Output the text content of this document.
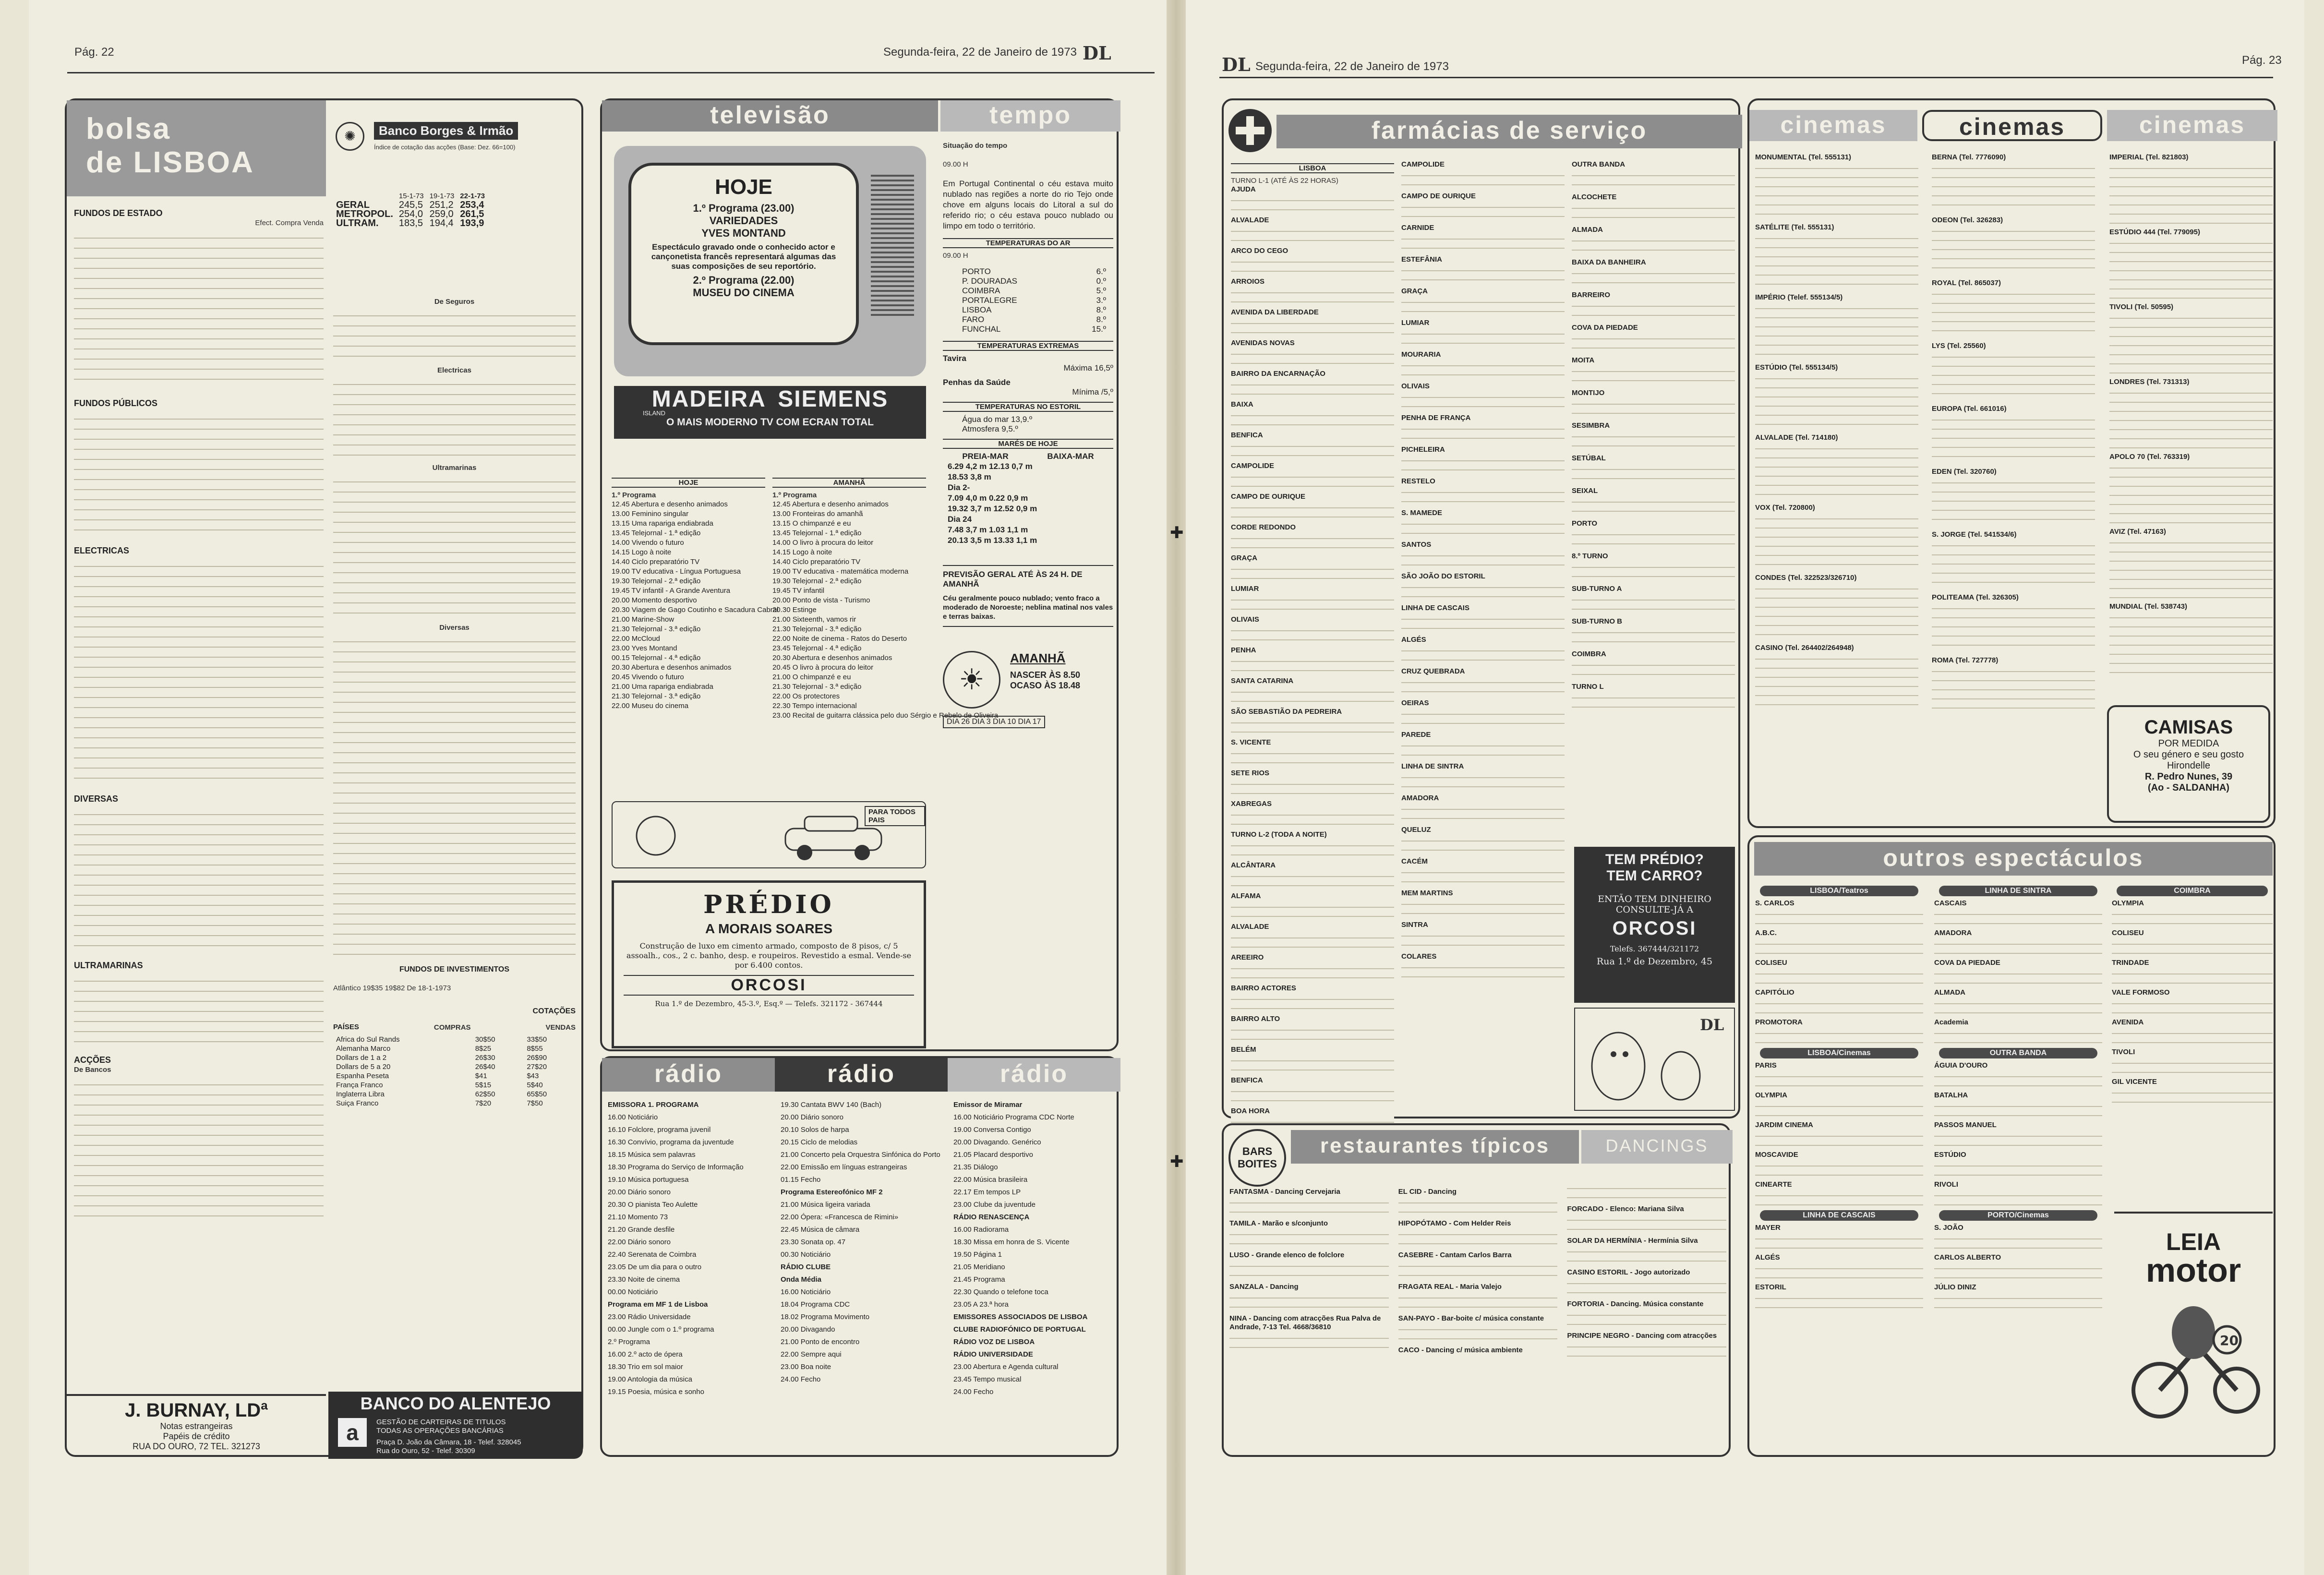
Pág. 22	Segunda-feira, 22 de Janeiro de 1973 DL
DL Segunda-feira, 22 de Janeiro de 1973	Pág. 23
bolsa
de LISBOA
✺	Banco Borges & Irmão
Índice de cotação das acções (Base: Dez. 66=100)
	15-1-73	19-1-73	22-1-73
GERAL	245,5	251,2	253,4
METROPOL.	254,0	259,0	261,5
ULTRAM.	183,5	194,4	193,9
FUNDOS DE ESTADO
Efect. Compra Venda
FUNDOS PÚBLICOS
ELECTRICAS
DIVERSAS
ULTRAMARINAS
ACÇÕES
De Bancos
De Seguros
Electricas
Ultramarinas
Diversas
FUNDOS DE INVESTIMENTOS
Atlântico 19$35 19$82 De 18-1-1973
COTAÇÕES
PAÍSES	COMPRAS	VENDAS
Africa do Sul Rands	30$50	33$50
Alemanha Marco	8$25	8$55
Dollars de 1 a 2	26$30	26$90
Dollars de 5 a 20	26$40	27$20
Espanha Peseta	$41	$43
França Franco	5$15	5$40
Inglaterra Libra	62$50	65$50
Suiça Franco	7$20	7$50
J. BURNAY, LDª
Notas estrangeiras
Papéis de crédito
RUA DO OURO, 72 TEL. 321273
BANCO DO ALENTEJO
a	GESTÃO DE CARTEIRAS DE TITULOS
TODAS AS OPERAÇÕES BANCÁRIAS
Praça D. João da Câmara, 18 - Telef. 328045
Rua do Ouro, 52 - Telef. 30309
televisão	tempo
HOJE
1.º Programa (23.00)
VARIEDADES
YVES MONTAND
Espectáculo gravado onde o conhecido actor e cançonetista francês representará algumas das suas composições de seu reportório.
2.º Programa (22.00)
MUSEU DO CINEMA
MADEIRA SIEMENS
ISLAND
O MAIS MODERNO TV COM ECRAN TOTAL
HOJE
1.º Programa
12.45 Abertura e desenho animados
13.00 Feminino singular
13.15 Uma rapariga endiabrada
13.45 Telejornal - 1.ª edição
14.00 Vivendo o futuro
14.15 Logo à noite
14.40 Ciclo preparatório TV
19.00 TV educativa - Língua Portuguesa
19.30 Telejornal - 2.ª edição
19.45 TV infantil - A Grande Aventura
20.00 Momento desportivo
20.30 Viagem de Gago Coutinho e Sacadura Cabral
21.00 Marine-Show
21.30 Telejornal - 3.ª edição
22.00 McCloud
23.00 Yves Montand
00.15 Telejornal - 4.ª edição
20.30 Abertura e desenhos animados
20.45 Vivendo o futuro
21.00 Uma rapariga endiabrada
21.30 Telejornal - 3.ª edição
22.00 Museu do cinema
AMANHÃ
1.º Programa
12.45 Abertura e desenho animados
13.00 Fronteiras do amanhã
13.15 O chimpanzé e eu
13.45 Telejornal - 1.ª edição
14.00 O livro à procura do leitor
14.15 Logo à noite
14.40 Ciclo preparatório TV
19.00 TV educativa - matemática moderna
19.30 Telejornal - 2.ª edição
19.45 TV infantil
20.00 Ponto de vista - Turismo
20.30 Estinge
21.00 Sixteenth, vamos rir
21.30 Telejornal - 3.ª edição
22.00 Noite de cinema - Ratos do Deserto
23.45 Telejornal - 4.ª edição
20.30 Abertura e desenhos animados
20.45 O livro à procura do leitor
21.00 O chimpanzé e eu
21.30 Telejornal - 3.ª edição
22.00 Os protectores
22.30 Tempo internacional
23.00 Recital de guitarra clássica pelo duo Sérgio e Rebelo de Oliveira
PARA TODOS PAIS
PRÉDIO
A MORAIS SOARES
Construção de luxo em cimento armado, composto de 8 pisos, c/ 5 assoalh., cos., 2 c. banho, desp. e roupeiros. Revestido a esmal. Vende-se por 6.400 contos.
ORCOSI
Rua 1.º de Dezembro, 45-3.º, Esq.º — Telefs. 321172 - 367444
Situação do tempo
09.00 H
Em Portugal Continental o céu estava muito nublado nas regiões a norte do rio Tejo onde chove em alguns locais do Litoral a sul do referido rio; o céu estava pouco nublado ou limpo em todo o território.
TEMPERATURAS DO AR
09.00 H
PORTO	6.º
P. DOURADAS	0.º
COIMBRA	5.º
PORTALEGRE	3.º
LISBOA	8.º
FARO	8.º
FUNCHAL	15.º
TEMPERATURAS EXTREMAS
Tavira
Máxima 16,5º
Penhas da Saúde
Mínima /5,º
TEMPERATURAS NO ESTORIL
Água do mar 13,9.º
Atmosfera 9,5.º
MARÉS DE HOJE
PREIA-MAR	BAIXA-MAR
6.29 4,2 m 12.13 0,7 m
18.53 3,8 m
Dia 2-
7.09 4,0 m 0.22 0,9 m
19.32 3,7 m 12.52 0,9 m
Dia 24
7.48 3,7 m 1.03 1,1 m
20.13 3,5 m 13.33 1,1 m
PREVISÃO GERAL ATÉ ÀS 24 H. DE AMANHÃ
Céu geralmente pouco nublado; vento fraco a moderado de Noroeste; neblina matinal nos vales e terras baixas.
☀
AMANHÃ
NASCER ÀS 8.50
OCASO ÀS 18.48
DIA 26 DIA 3 DIA 10 DIA 17
rádio	rádio	rádio
EMISSORA 1. PROGRAMA
16.00 Noticiário
16.10 Folclore, programa juvenil
16.30 Convívio, programa da juventude
18.15 Música sem palavras
18.30 Programa do Serviço de Informação
19.10 Música portuguesa
20.00 Diário sonoro
20.30 O pianista Teo Aulette
21.10 Momento 73
21.20 Grande desfile
22.00 Diário sonoro
22.40 Serenata de Coimbra
23.05 De um dia para o outro
23.30 Noite de cinema
00.00 Noticiário
Programa em MF 1 de Lisboa
23.00 Rádio Universidade
00.00 Jungle com o 1.º programa
2.º Programa
16.00 2.º acto de ópera
18.30 Trio em sol maior
19.00 Antologia da música
19.15 Poesia, música e sonho
19.30 Cantata BWV 140 (Bach)
20.00 Diário sonoro
20.10 Solos de harpa
20.15 Ciclo de melodias
21.00 Concerto pela Orquestra Sinfónica do Porto
22.00 Emissão em línguas estrangeiras
01.15 Fecho
Programa Estereofónico MF 2
21.00 Música ligeira variada
22.00 Ópera: «Francesca de Rimini»
22.45 Música de câmara
23.30 Sonata op. 47
00.30 Noticiário
RÁDIO CLUBE
Onda Média
16.00 Noticiário
18.04 Programa CDC
18.02 Programa Movimento
20.00 Divagando
21.00 Ponto de encontro
22.00 Sempre aqui
23.00 Boa noite
24.00 Fecho
Emissor de Miramar
16.00 Noticiário Programa CDC Norte
19.00 Conversa Contigo
20.00 Divagando. Genérico
21.05 Placard desportivo
21.35 Diálogo
22.00 Música brasileira
22.17 Em tempos LP
23.00 Clube da juventude
RÁDIO RENASCENÇA
16.00 Radiorama
18.30 Missa em honra de S. Vicente
19.50 Página 1
21.05 Meridiano
21.45 Programa
22.30 Quando o telefone toca
23.05 A 23.ª hora
EMISSORES ASSOCIADOS DE LISBOA
CLUBE RADIOFÓNICO DE PORTUGAL
RÁDIO VOZ DE LISBOA
RÁDIO UNIVERSIDADE
23.00 Abertura e Agenda cultural
23.45 Tempo musical
24.00 Fecho
farmácias de serviço
LISBOA
TURNO L-1 (ATÉ ÀS 22 HORAS)
AJUDA
ALVALADE
ARCO DO CEGO
ARROIOS
AVENIDA DA LIBERDADE
AVENIDAS NOVAS
BAIRRO DA ENCARNAÇÃO
BAIXA
BENFICA
CAMPOLIDE
CAMPO DE OURIQUE
CORDE REDONDO
GRAÇA
LUMIAR
OLIVAIS
PENHA
SANTA CATARINA
SÃO SEBASTIÃO DA PEDREIRA
S. VICENTE
SETE RIOS
XABREGAS
TURNO L-2 (TODA A NOITE)
ALCÂNTARA
ALFAMA
ALVALADE
AREEIRO
BAIRRO ACTORES
BAIRRO ALTO
BELÉM
BENFICA
BOA HORA
CAMPOLIDE
CAMPO DE OURIQUE
CARNIDE
ESTEFÂNIA
GRAÇA
LUMIAR
MOURARIA
OLIVAIS
PENHA DE FRANÇA
PICHELEIRA
RESTELO
S. MAMEDE
SANTOS
SÃO JOÃO DO ESTORIL
LINHA DE CASCAIS
ALGÉS
CRUZ QUEBRADA
OEIRAS
PAREDE
LINHA DE SINTRA
AMADORA
QUELUZ
CACÉM
MEM MARTINS
SINTRA
COLARES
OUTRA BANDA
ALCOCHETE
ALMADA
BAIXA DA BANHEIRA
BARREIRO
COVA DA PIEDADE
MOITA
MONTIJO
SESIMBRA
SETÚBAL
SEIXAL
PORTO
8.º TURNO
SUB-TURNO A
SUB-TURNO B
COIMBRA
TURNO L
TEM PRÉDIO?
TEM CARRO?
ENTÃO TEM DINHEIRO
CONSULTE-JÁ A
ORCOSI
Telefs. 367444/321172
Rua 1.º de Dezembro, 45
DL
BARS BOITES
restaurantes típicos	DANCINGS
FANTASMA - Dancing Cervejaria
TAMILA - Marão e s/conjunto
LUSO - Grande elenco de folclore
SANZALA - Dancing
NINA - Dancing com atracções Rua Palva de Andrade, 7-13 Tel. 4668/36810
EL CID - Dancing
HIPOPÓTAMO - Com Helder Reis
CASEBRE - Cantam Carlos Barra
FRAGATA REAL - Maria Valejo
SAN-PAYO - Bar-boite c/ música constante
CACO - Dancing c/ música ambiente
FORCADO - Elenco: Mariana Silva
SOLAR DA HERMÍNIA - Hermínia Silva
CASINO ESTORIL - Jogo autorizado
FORTORIA - Dancing. Música constante
PRINCIPE NEGRO - Dancing com atracções
cinemas	cinemas	cinemas
MONUMENTAL (Tel. 555131)
SATÉLITE (Tel. 555131)
IMPÉRIO (Telef. 555134/5)
ESTÚDIO (Tel. 555134/5)
ALVALADE (Tel. 714180)
VOX (Tel. 720800)
CONDES (Tel. 322523/326710)
CASINO (Tel. 264402/264948)
BERNA (Tel. 7776090)
ODEON (Tel. 326283)
ROYAL (Tel. 865037)
LYS (Tel. 25560)
EUROPA (Tel. 661016)
EDEN (Tel. 320760)
S. JORGE (Tel. 541534/6)
POLITEAMA (Tel. 326305)
ROMA (Tel. 727778)
IMPERIAL (Tel. 821803)
ESTÚDIO 444 (Tel. 779095)
TIVOLI (Tel. 50595)
LONDRES (Tel. 731313)
APOLO 70 (Tel. 763319)
AVIZ (Tel. 47163)
MUNDIAL (Tel. 538743)
CAMISAS
POR MEDIDA
O seu género e seu gosto
Hirondelle
R. Pedro Nunes, 39
(Ao - SALDANHA)
outros espectáculos
LISBOA/Teatros
S. CARLOS
A.B.C.
COLISEU
CAPITÓLIO
PROMOTORA
LISBOA/Cinemas
PARIS
OLYMPIA
JARDIM CINEMA
MOSCAVIDE
CINEARTE
LINHA DE CASCAIS
MAYER
ALGÉS
ESTORIL
LINHA DE SINTRA
CASCAIS
AMADORA
COVA DA PIEDADE
ALMADA
Academia
OUTRA BANDA
ÁGUIA D'OURO
BATALHA
PASSOS MANUEL
ESTÚDIO
RIVOLI
PORTO/Cinemas
S. JOÃO
CARLOS ALBERTO
JÚLIO DINIZ
COIMBRA
OLYMPIA
COLISEU
TRINDADE
VALE FORMOSO
AVENIDA
TIVOLI
GIL VICENTE
LEIA
motor
20
✚
✚
